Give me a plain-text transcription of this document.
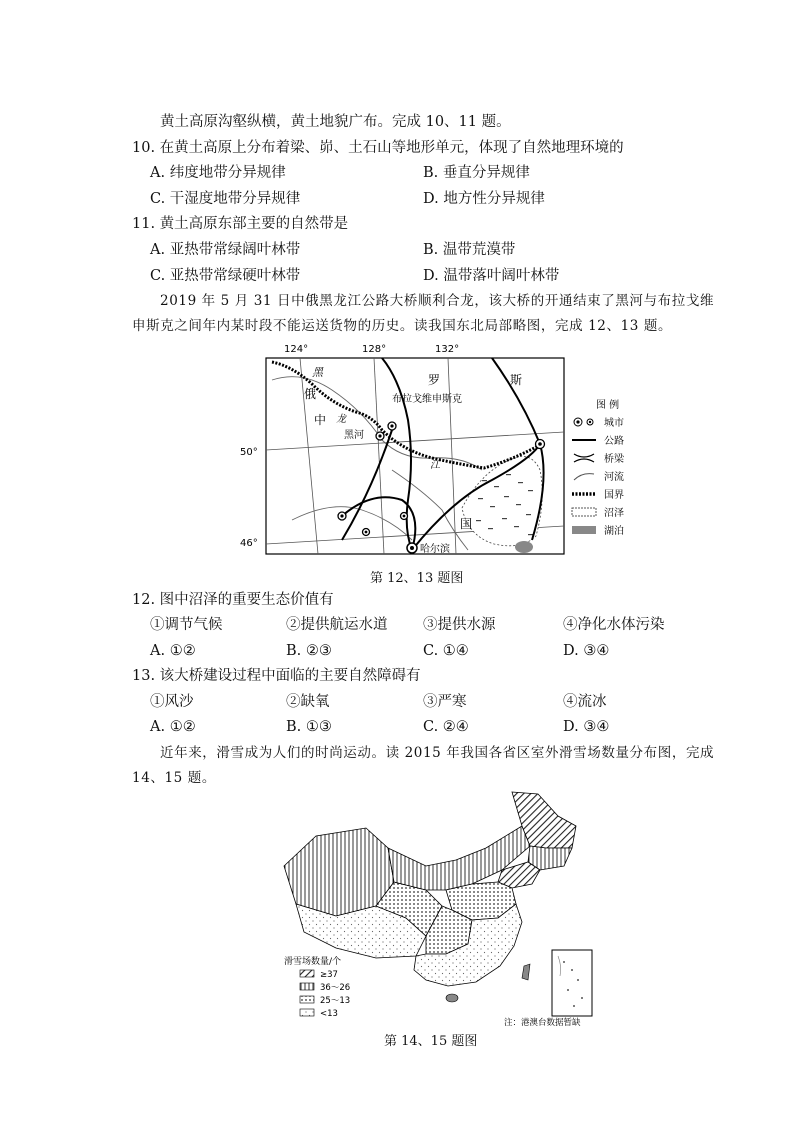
黄土高原沟壑纵横，黄土地貌广布。完成 10、11 题。
10. 在黄土高原上分布着梁、峁、土石山等地形单元，体现了自然地理环境的
A. 纬度地带分异规律	B. 垂直分异规律
C. 干湿度地带分异规律	D. 地方性分异规律
11. 黄土高原东部主要的自然带是
A. 亚热带常绿阔叶林带	B. 温带荒漠带
C. 亚热带常绿硬叶林带	D. 温带落叶阔叶林带
2019 年 5 月 31 日中俄黑龙江公路大桥顺利合龙，该大桥的开通结束了黑河与布拉戈维
申斯克之间年内某时段不能运送货物的历史。读我国东北局部略图，完成 12、13 题。
124°	128°	132°
50°
46°
黑
俄
罗	斯
中 龙
江
国
布拉戈维申斯克
黑河
哈尔滨
图 例
城市
公路
桥梁
河流
国界
沼泽
湖泊
第 12、13 题图
12. 图中沼泽的重要生态价值有
①调节气候	②提供航运水道 ③提供水源	④净化水体污染
A. ①②	B. ②③	C. ①④	D. ③④
13. 该大桥建设过程中面临的主要自然障碍有
①风沙	②缺氧	③严寒	④流冰
A. ①②	B. ①③	C. ②④	D. ③④
近年来，滑雪成为人们的时尚运动。读 2015 年我国各省区室外滑雪场数量分布图，完成
14、15 题。
滑雪场数量/个
≥37
36～26
25～13
<13
注：港澳台数据暂缺
第 14、15 题图
